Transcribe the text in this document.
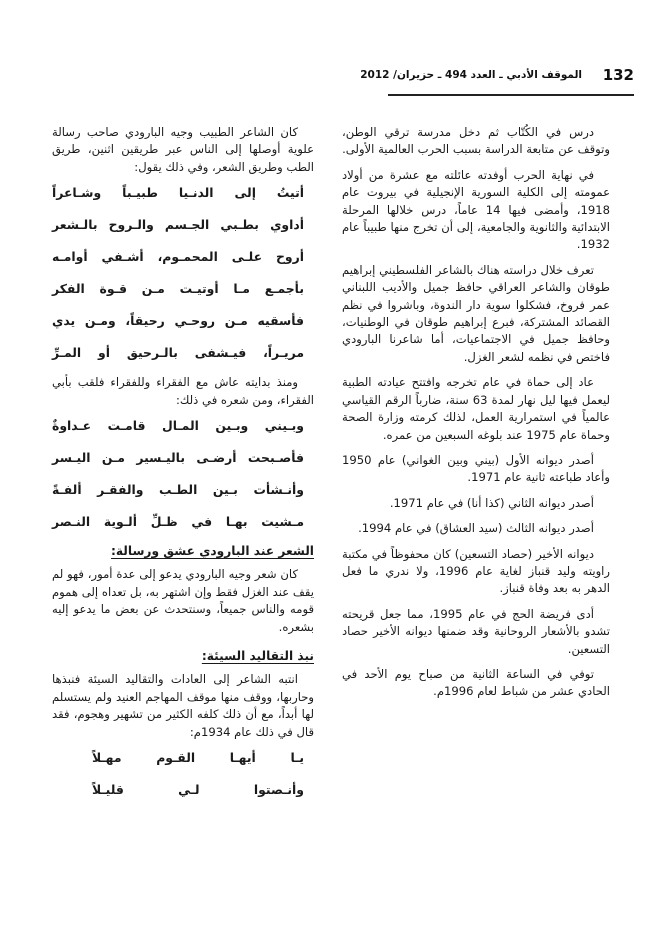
132
الموقف الأدبي ـ العدد 494 ـ حزيران/ 2012

درس في الكُتّاب ثم دخل مدرسة ترقي الوطن، وتوقف عن متابعة الدراسة بسبب الحرب العالمية الأولى.

في نهاية الحرب أوفدته عائلته مع عشرة من أولاد عمومته إلى الكلية السورية الإنجيلية في بيروت عام 1918، وأمضى فيها 14 عاماً، درس خلالها المرحلة الابتدائية والثانوية والجامعية، إلى أن تخرج منها طبيباً عام 1932.

تعرف خلال دراسته هناك بالشاعر الفلسطيني إبراهيم طوقان والشاعر العراقي حافظ جميل والأديب اللبناني عمر فروخ، فشكلوا سوية دار الندوة، وباشروا في نظم القصائد المشتركة، فبرع إبراهيم طوقان في الوطنيات، وحافظ جميل في الاجتماعيات، أما شاعرنا البارودي فاختص في نظمه لشعر الغزل.

عاد إلى حماة في عام تخرجه وافتتح عيادته الطبية ليعمل فيها ليل نهار لمدة 63 سنة، ضارباً الرقم القياسي عالمياً في استمرارية العمل، لذلك كرمته وزارة الصحة وحماة عام 1975 عند بلوغه السبعين من عمره.

أصدر ديوانه الأول (بيني وبين الغواني) عام 1950 وأعاد طباعته ثانية عام 1971.

أصدر ديوانه الثاني (كذا أنا) في عام 1971.

أصدر ديوانه الثالث (سيد العشاق) في عام 1994.

ديوانه الأخير (حصاد التسعين) كان محفوظاً في مكتبة راويته وليد قنباز لغاية عام 1996، ولا ندري ما فعل الدهر به بعد وفاة قنباز.

أدى فريضة الحج في عام 1995، مما جعل قريحته تشدو بالأشعار الروحانية وقد ضمنها ديوانه الأخير حصاد التسعين.

توفي في الساعة الثانية من صباح يوم الأحد في الحادي عشر من شباط لعام 1996م.

كان الشاعر الطبيب وجيه البارودي صاحب رسالة علوية أوصلها إلى الناس عبر طريقين اثنين، طريق الطب وطريق الشعر، وفي ذلك يقول:

أتيتُ إلى الدنـيا طبيـباً وشـاعراً
أداوي بطـبي الجـسم والـروح بالـشعر
أروح علـى المحمـوم، أشـفي أوامـه
بأجمـع مـا أوتيـت مـن قـوة الفكر
فأسقيه مـن روحـي رحيقاً، ومـن يدي
مريـراً، فيـشفى بالـرحيق أو المـرِّ

ومنذ بدايته عاش مع الفقراء وللفقراء فلقب بأبي الفقراء، ومن شعره في ذلك:

وبـيني وبـين المـال قامـت عـداوةٌ
فأصـبحت أرضـى باليـسير مـن اليـسر
وأنـشأت بـين الطـب والفقـر ألفـةً
مـشيت بهـا في ظـلِّ ألـوية النـصر
الشعر عند البارودي عشق ورسالة:

كان شعر وجيه البارودي يدعو إلى عدة أمور، فهو لم يقف عند الغزل فقط وإن اشتهر به، بل تعداه إلى هموم قومه والناس جميعاً، وسنتحدث عن بعض ما يدعو إليه بشعره.

نبذ التقاليد السيئة:

انتبه الشاعر إلى العادات والتقاليد السيئة فنبذها وحاربها، ووقف منها موقف المهاجم العنيد ولم يستسلم لها أبداً، مع أن ذلك كلفه الكثير من تشهير وهجوم، فقد قال في ذلك عام 1934م:

يـا أيهـا القـوم مهـلاً
وأنـصتوا لـي قليـلاً
